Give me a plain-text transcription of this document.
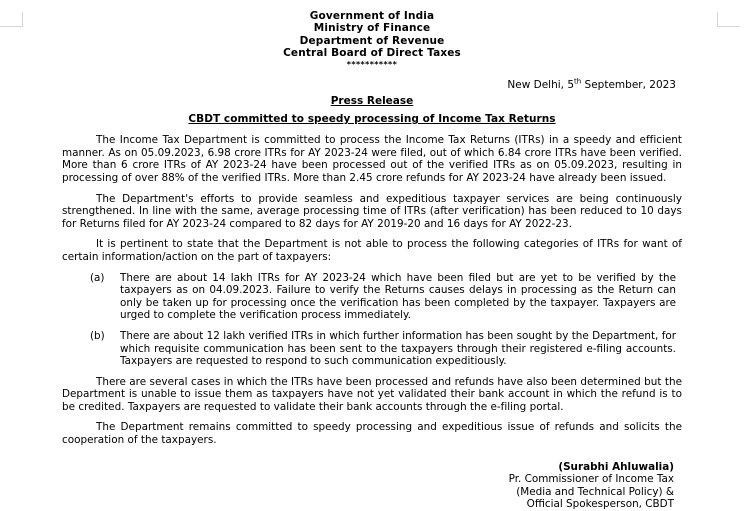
Government of India
Ministry of Finance
Department of Revenue
Central Board of Direct Taxes
***********
New Delhi, 5th September, 2023
Press Release
CBDT committed to speedy processing of Income Tax Returns

The Income Tax Department is committed to process the Income Tax Returns (ITRs) in a speedy and efficient manner. As on 05.09.2023, 6.98 crore ITRs for AY 2023-24 were filed, out of which 6.84 crore ITRs have been verified. More than 6 crore ITRs of AY 2023-24 have been processed out of the verified ITRs as on 05.09.2023, resulting in processing of over 88% of the verified ITRs. More than 2.45 crore refunds for AY 2023-24 have already been issued.

The Department's efforts to provide seamless and expeditious taxpayer services are being continuously strengthened. In line with the same, average processing time of ITRs (after verification) has been reduced to 10 days for Returns filed for AY 2023-24 compared to 82 days for AY 2019-20 and 16 days for AY 2022-23.

It is pertinent to state that the Department is not able to process the following categories of ITRs for want of certain information/action on the part of taxpayers:

(a)	There are about 14 lakh ITRs for AY 2023-24 which have been filed but are yet to be verified by the taxpayers as on 04.09.2023. Failure to verify the Returns causes delays in processing as the Return can only be taken up for processing once the verification has been completed by the taxpayer. Taxpayers are urged to complete the verification process immediately.
(b)	There are about 12 lakh verified ITRs in which further information has been sought by the Department, for which requisite communication has been sent to the taxpayers through their registered e-filing accounts. Taxpayers are requested to respond to such communication expeditiously.

There are several cases in which the ITRs have been processed and refunds have also been determined but the Department is unable to issue them as taxpayers have not yet validated their bank account in which the refund is to be credited. Taxpayers are requested to validate their bank accounts through the e-filing portal.

The Department remains committed to speedy processing and expeditious issue of refunds and solicits the cooperation of the taxpayers.

(Surabhi Ahluwalia)
Pr. Commissioner of Income Tax
(Media and Technical Policy) &
Official Spokesperson, CBDT
